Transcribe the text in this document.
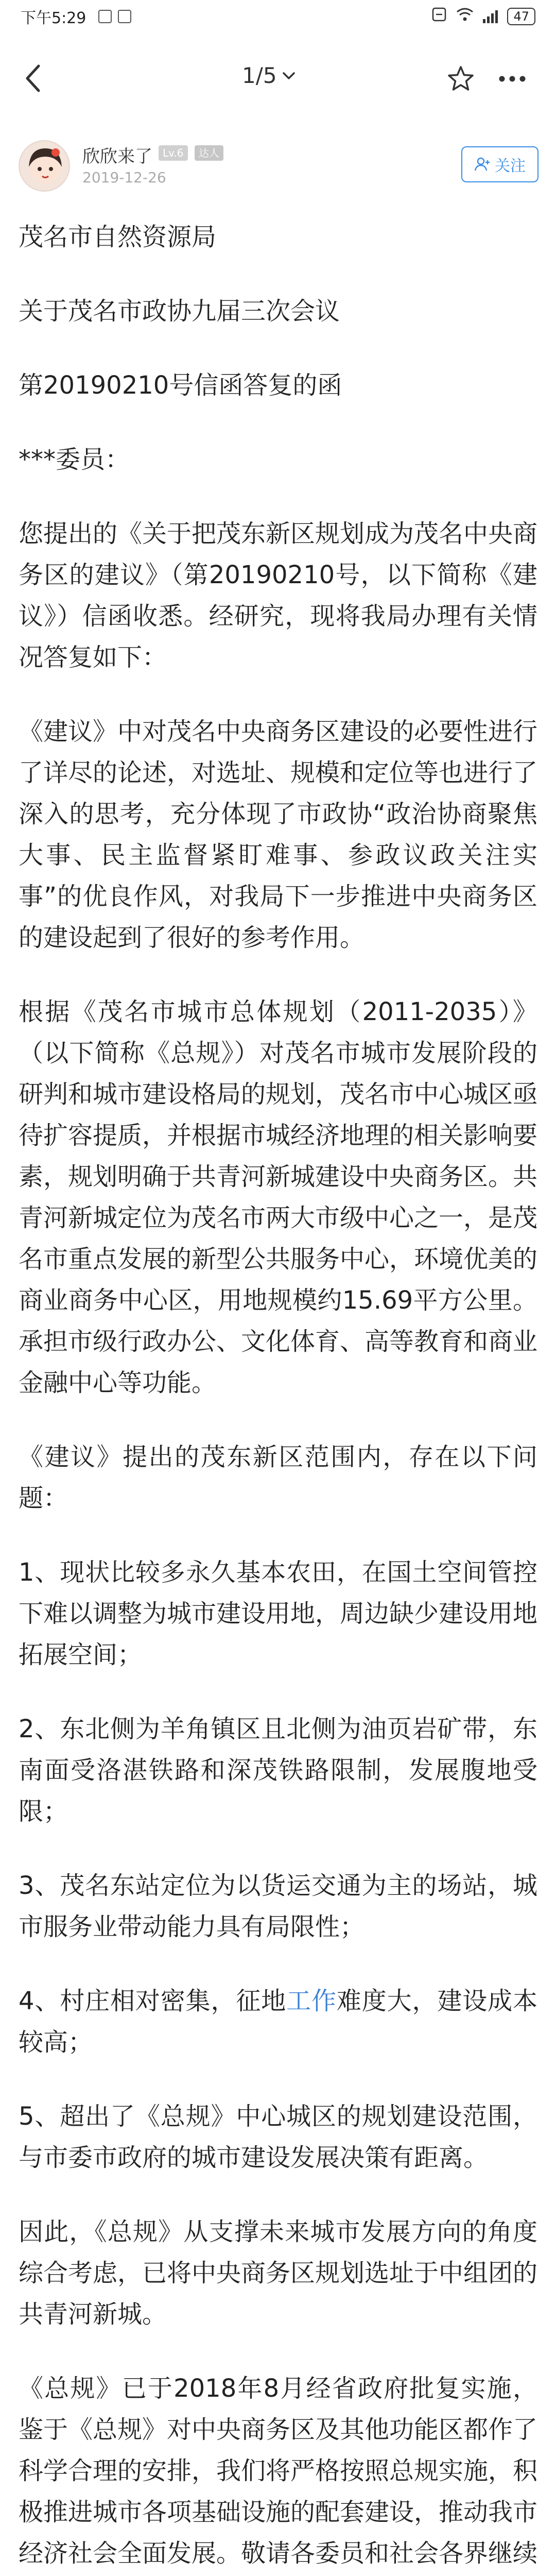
下午5:29	47
1/5
欣欣来了	Lv.6	达人
2019-12-26
关注

茂名市自然资源局

关于茂名市政协九届三次会议

第20190210号信函答复的函

***委员：

您提出的《关于把茂东新区规划成为茂名中央商务区的建议》（第20190210号，以下简称《建议》）信函收悉。经研究，现将我局办理有关情况答复如下：

《建议》中对茂名中央商务区建设的必要性进行了详尽的论述，对选址、规模和定位等也进行了深入的思考，充分体现了市政协“政治协商聚焦大事、民主监督紧盯难事、参政议政关注实事”的优良作风，对我局下一步推进中央商务区的建设起到了很好的参考作用。

根据《茂名市城市总体规划（2011-2035）》（以下简称《总规》）对茂名市城市发展阶段的研判和城市建设格局的规划，茂名市中心城区亟待扩容提质，并根据市城经济地理的相关影响要素，规划明确于共青河新城建设中央商务区。共青河新城定位为茂名市两大市级中心之一，是茂名市重点发展的新型公共服务中心，环境优美的商业商务中心区，用地规模约15.69平方公里。承担市级行政办公、文化体育、高等教育和商业金融中心等功能。

《建议》提出的茂东新区范围内，存在以下问题：

1、现状比较多永久基本农田，在国土空间管控下难以调整为城市建设用地，周边缺少建设用地拓展空间；

2、东北侧为羊角镇区且北侧为油页岩矿带，东南面受洛湛铁路和深茂铁路限制，发展腹地受限；

3、茂名东站定位为以货运交通为主的场站，城市服务业带动能力具有局限性；

4、村庄相对密集，征地工作难度大，建设成本较高；

5、超出了《总规》中心城区的规划建设范围，与市委市政府的城市建设发展决策有距离。

因此，《总规》从支撑未来城市发展方向的角度综合考虑，已将中央商务区规划选址于中组团的共青河新城。

《总规》已于2018年8月经省政府批复实施，鉴于《总规》对中央商务区及其他功能区都作了科学合理的安排，我们将严格按照总规实施，积极推进城市各项基础设施的配套建设，推动我市经济社会全面发展。敬请各委员和社会各界继续
